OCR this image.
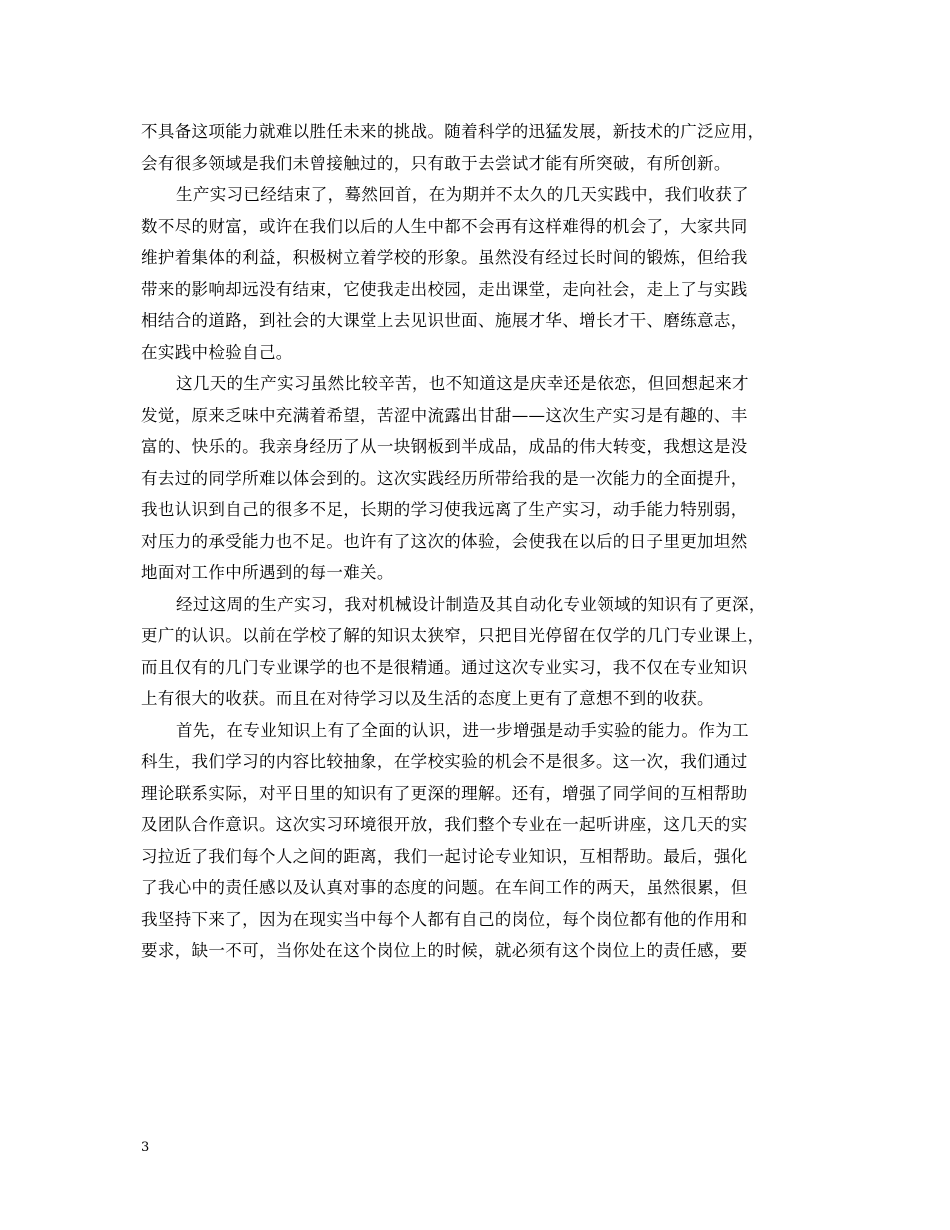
不具备这项能力就难以胜任未来的挑战。随着科学的迅猛发展，新技术的广泛应用，
会有很多领域是我们未曾接触过的，只有敢于去尝试才能有所突破，有所创新。
生产实习已经结束了，蓦然回首，在为期并不太久的几天实践中，我们收获了
数不尽的财富，或许在我们以后的人生中都不会再有这样难得的机会了，大家共同
维护着集体的利益，积极树立着学校的形象。虽然没有经过长时间的锻炼，但给我
带来的影响却远没有结束，它使我走出校园，走出课堂，走向社会，走上了与实践
相结合的道路，到社会的大课堂上去见识世面、施展才华、增长才干、磨练意志，
在实践中检验自己。
这几天的生产实习虽然比较辛苦，也不知道这是庆幸还是依恋，但回想起来才
发觉，原来乏味中充满着希望，苦涩中流露出甘甜——这次生产实习是有趣的、丰
富的、快乐的。我亲身经历了从一块钢板到半成品，成品的伟大转变，我想这是没
有去过的同学所难以体会到的。这次实践经历所带给我的是一次能力的全面提升，
我也认识到自己的很多不足，长期的学习使我远离了生产实习，动手能力特别弱，
对压力的承受能力也不足。也许有了这次的体验，会使我在以后的日子里更加坦然
地面对工作中所遇到的每一难关。
经过这周的生产实习，我对机械设计制造及其自动化专业领域的知识有了更深，
更广的认识。以前在学校了解的知识太狭窄，只把目光停留在仅学的几门专业课上，
而且仅有的几门专业课学的也不是很精通。通过这次专业实习，我不仅在专业知识
上有很大的收获。而且在对待学习以及生活的态度上更有了意想不到的收获。
首先，在专业知识上有了全面的认识，进一步增强是动手实验的能力。作为工
科生，我们学习的内容比较抽象，在学校实验的机会不是很多。这一次，我们通过
理论联系实际，对平日里的知识有了更深的理解。还有，增强了同学间的互相帮助
及团队合作意识。这次实习环境很开放，我们整个专业在一起听讲座，这几天的实
习拉近了我们每个人之间的距离，我们一起讨论专业知识，互相帮助。最后，强化
了我心中的责任感以及认真对事的态度的问题。在车间工作的两天，虽然很累，但
我坚持下来了，因为在现实当中每个人都有自己的岗位，每个岗位都有他的作用和
要求，缺一不可，当你处在这个岗位上的时候，就必须有这个岗位上的责任感，要
3
